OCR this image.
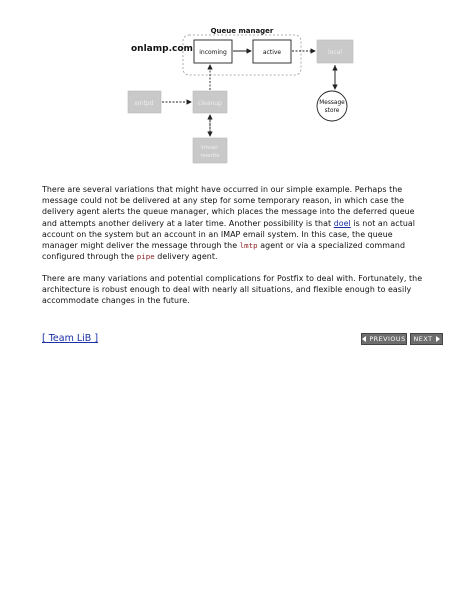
Queue manager
onlamp.com incoming	active	local
smtpd	cleanup
trivial-
rewrite
Message
store

There are several variations that might have occurred in our simple example. Perhaps the
message could not be delivered at any step for some temporary reason, in which case the
delivery agent alerts the queue manager, which places the message into the deferred queue
and attempts another delivery at a later time. Another possibility is that doel is not an actual
account on the system but an account in an IMAP email system. In this case, the queue
manager might deliver the message through the lmtp agent or via a specialized command
configured through the pipe delivery agent.

There are many variations and potential complications for Postfix to deal with. Fortunately, the
architecture is robust enough to deal with nearly all situations, and flexible enough to easily
accommodate changes in the future.

[ Team LiB ]	PREVIOUS NEXT
